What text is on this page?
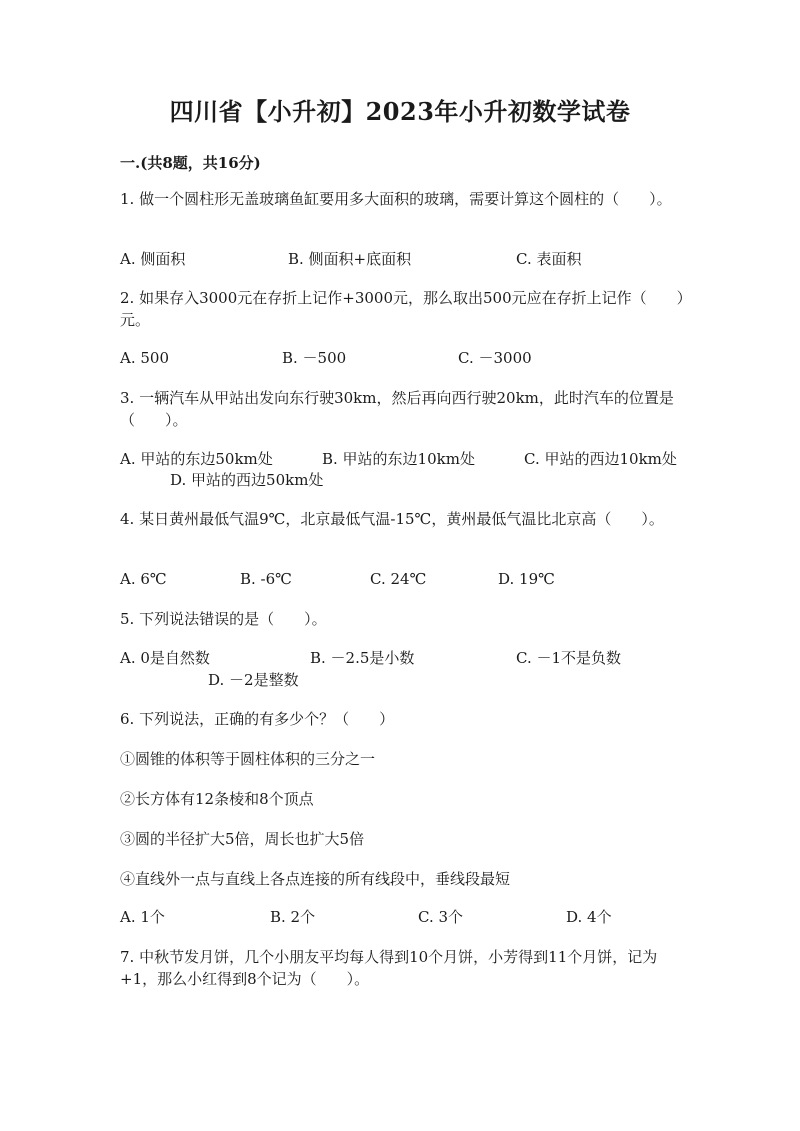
四川省【小升初】2023年小升初数学试卷
一.(共8题，共16分)
1. 做一个圆柱形无盖玻璃鱼缸要用多大面积的玻璃，需要计算这个圆柱的（　　）。
A. 侧面积	B. 侧面积+底面积	C. 表面积
2. 如果存入3000元在存折上记作+3000元，那么取出500元应在存折上记作（　　）元。
A. 500	B. －500	C. －3000
3. 一辆汽车从甲站出发向东行驶30km，然后再向西行驶20km，此时汽车的位置是（　　）。
A. 甲站的东边50km处	B. 甲站的东边10km处	C. 甲站的西边10km处
D. 甲站的西边50km处
4. 某日黄州最低气温9℃，北京最低气温-15℃，黄州最低气温比北京高（　　）。
A. 6℃	B. -6℃	C. 24℃	D. 19℃
5. 下列说法错误的是（　　）。
A. 0是自然数	B. －2.5是小数	C. －1不是负数
D. －2是整数
6. 下列说法，正确的有多少个？（　　）
①圆锥的体积等于圆柱体积的三分之一
②长方体有12条棱和8个顶点
③圆的半径扩大5倍，周长也扩大5倍
④直线外一点与直线上各点连接的所有线段中，垂线段最短
A. 1个	B. 2个	C. 3个	D. 4个
7. 中秋节发月饼，几个小朋友平均每人得到10个月饼，小芳得到11个月饼，记为+1，那么小红得到8个记为（　　）。
